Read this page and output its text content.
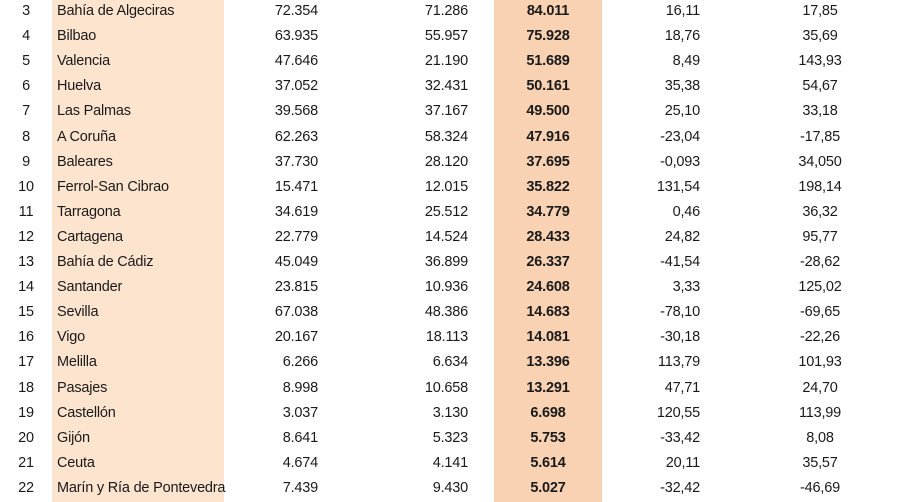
3	Bahía de Algeciras	72.354	71.286	84.011	16,11	17,85
4	Bilbao	63.935	55.957	75.928	18,76	35,69
5	Valencia	47.646	21.190	51.689	8,49	143,93
6	Huelva	37.052	32.431	50.161	35,38	54,67
7	Las Palmas	39.568	37.167	49.500	25,10	33,18
8	A Coruña	62.263	58.324	47.916	-23,04	-17,85
9	Baleares	37.730	28.120	37.695	-0,093	34,050
10	Ferrol-San Cibrao	15.471	12.015	35.822	131,54	198,14
11	Tarragona	34.619	25.512	34.779	0,46	36,32
12	Cartagena	22.779	14.524	28.433	24,82	95,77
13	Bahía de Cádiz	45.049	36.899	26.337	-41,54	-28,62
14	Santander	23.815	10.936	24.608	3,33	125,02
15	Sevilla	67.038	48.386	14.683	-78,10	-69,65
16	Vigo	20.167	18.113	14.081	-30,18	-22,26
17	Melilla	6.266	6.634	13.396	113,79	101,93
18	Pasajes	8.998	10.658	13.291	47,71	24,70
19	Castellón	3.037	3.130	6.698	120,55	113,99
20	Gijón	8.641	5.323	5.753	-33,42	8,08
21	Ceuta	4.674	4.141	5.614	20,11	35,57
22	Marín y Ría de Pontevedra	7.439	9.430	5.027	-32,42	-46,69
